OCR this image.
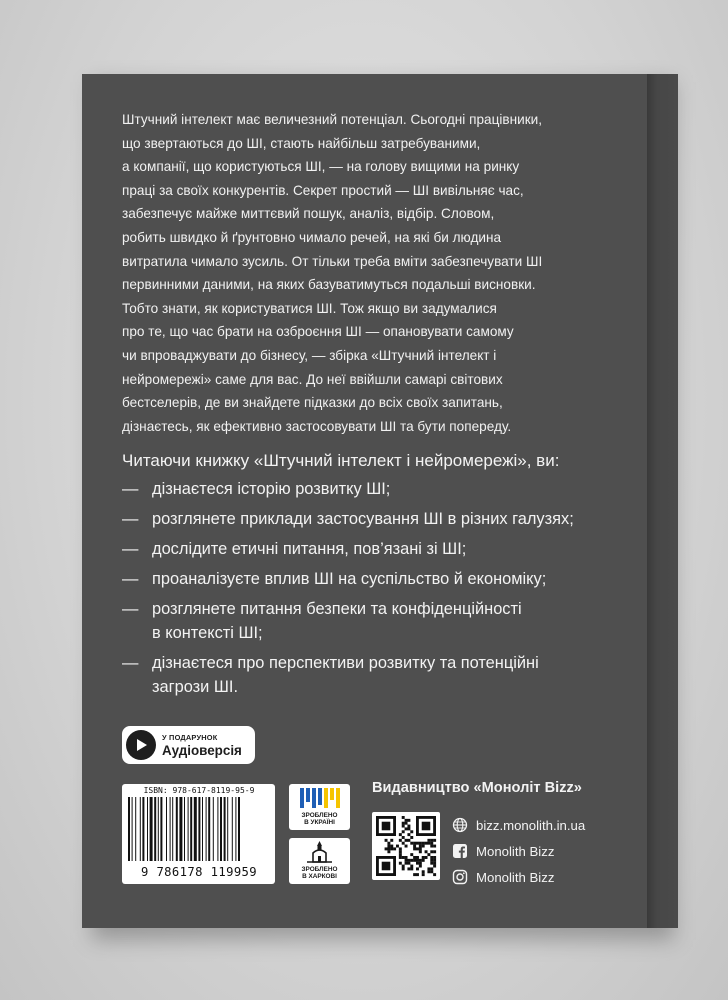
Штучний інтелект має величезний потенціал. Сьогодні працівники,
що звертаються до ШІ, стають найбільш затребуваними,
а компанії, що користуються ШІ, — на голову вищими на ринку
праці за своїх конкурентів. Секрет простий — ШІ вивільняє час,
забезпечує майже миттєвий пошук, аналіз, відбір. Словом,
робить швидко й ґрунтовно чимало речей, на які би людина
витратила чимало зусиль. От тільки треба вміти забезпечувати ШІ
первинними даними, на яких базуватимуться подальші висновки.
Тобто знати, як користуватися ШІ. Тож якщо ви задумалися
про те, що час брати на озброєння ШІ — опановувати самому
чи впроваджувати до бізнесу, — збірка «Штучний інтелект і
нейромережі» саме для вас. До неї ввійшли самарі світових
бестселерів, де ви знайдете підказки до всіх своїх запитань,
дізнаєтесь, як ефективно застосовувати ШІ та бути попереду.

Читаючи книжку «Штучний інтелект і нейромережі», ви:

— дізнаєтеся історію розвитку ШІ;
— розглянете приклади застосування ШІ в різних галузях;
— дослідите етичні питання, пов’язані зі ШІ;
— проаналізуєте вплив ШІ на суспільство й економіку;
— розглянете питання безпеки та конфіденційності
в контексті ШІ;
— дізнаєтеся про перспективи розвитку та потенційні
загрози ШІ.
У ПОДАРУНОК
Аудіоверсія
ISBN: 978-617-8119-95-9
9 786178 119959
ЗРОБЛЕНО
В УКРАЇНІ
ЗРОБЛЕНО
В ХАРКОВІ
Видавництво «Моноліт Bizz»
bizz.monolith.in.ua
Monolith Bizz
Monolith Bizz
